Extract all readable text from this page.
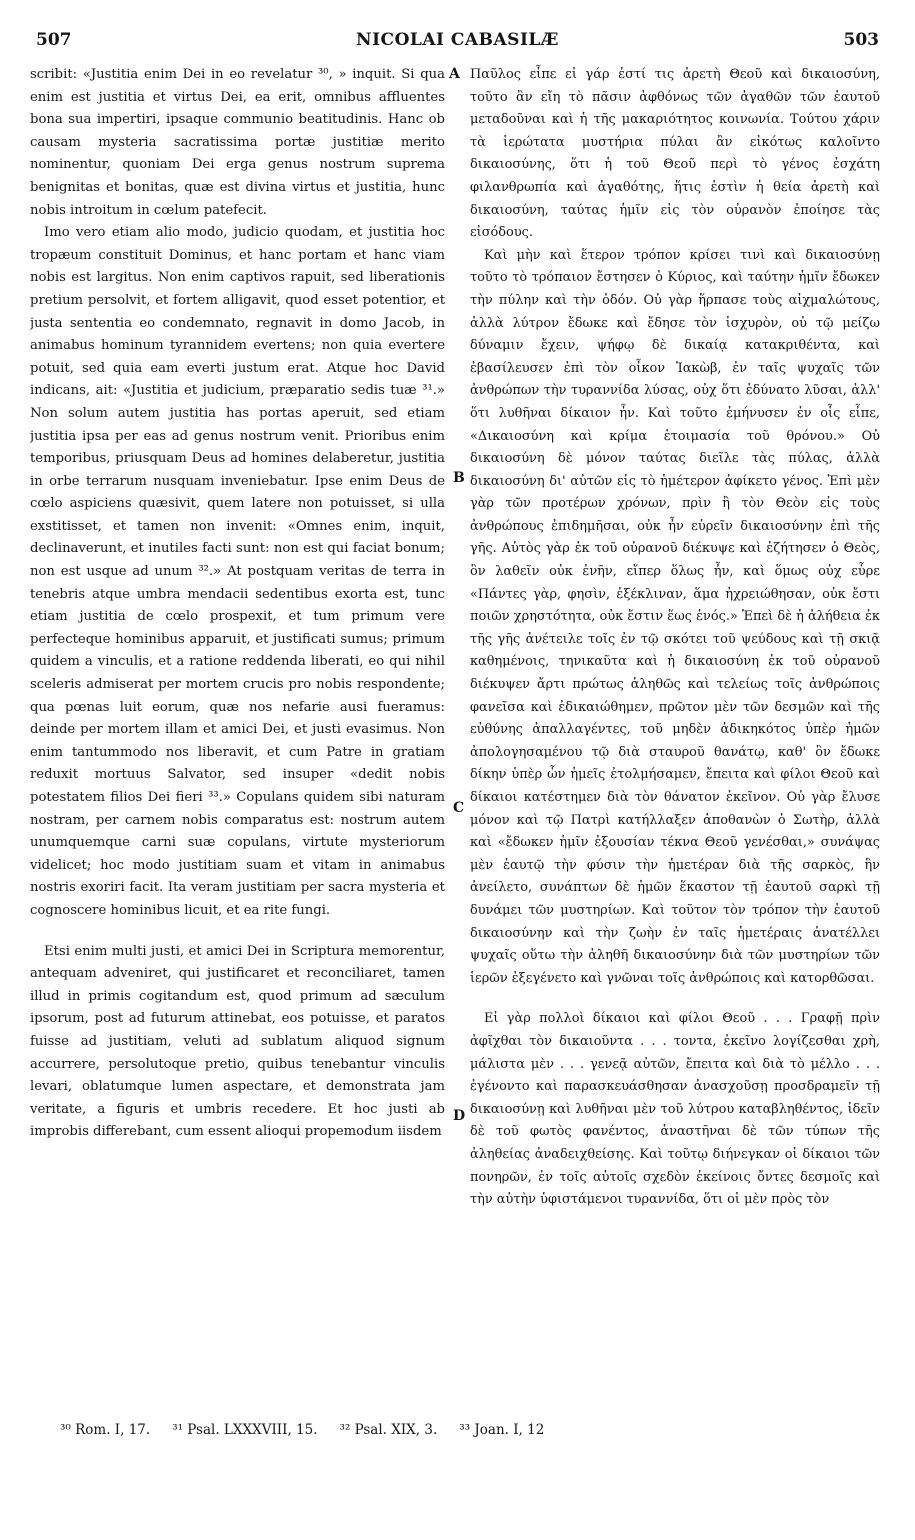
507	NICOLAI CABASILÆ	503

scribit: «Justitia enim Dei in eo revelatur ³⁰, » inquit. Si qua enim est justitia et virtus Dei, ea erit, omnibus affluentes bona sua impertiri, ipsaque communio beatitudinis. Hanc ob causam mysteria sacratissima portæ justitiæ merito nominentur, quoniam Dei erga genus nostrum suprema benignitas et bonitas, quæ est divina virtus et justitia, hunc nobis introitum in cœlum patefecit.

Imo vero etiam alio modo, judicio quodam, et justitia hoc tropæum constituit Dominus, et hanc portam et hanc viam nobis est largitus. Non enim captivos rapuit, sed liberationis pretium persolvit, et fortem alligavit, quod esset potentior, et justa sententia eo condemnato, regnavit in domo Jacob, in animabus hominum tyrannidem evertens; non quia evertere potuit, sed quia eam everti justum erat. Atque hoc David indicans, ait: «Justitia et judicium, præparatio sedis tuæ ³¹.» Non solum autem justitia has portas aperuit, sed etiam justitia ipsa per eas ad genus nostrum venit. Prioribus enim temporibus, priusquam Deus ad homines delaberetur, justitia in orbe terrarum nusquam inveniebatur. Ipse enim Deus de cœlo aspiciens quæsivit, quem latere non potuisset, si ulla exstitisset, et tamen non invenit: «Omnes enim, inquit, declinaverunt, et inutiles facti sunt: non est qui faciat bonum; non est usque ad unum ³².» At postquam veritas de terra in tenebris atque umbra mendacii sedentibus exorta est, tunc etiam justitia de cœlo prospexit, et tum primum vere perfecteque hominibus apparuit, et justificati sumus; primum quidem a vinculis, et a ratione reddenda liberati, eo qui nihil sceleris admiserat per mortem crucis pro nobis respondente; qua pœnas luit eorum, quæ nos nefarie ausi fueramus: deinde per mortem illam et amici Dei, et justi evasimus. Non enim tantummodo nos liberavit, et cum Patre in gratiam reduxit mortuus Salvator, sed insuper «dedit nobis potestatem filios Dei fieri ³³.» Copulans quidem sibi naturam nostram, per carnem nobis comparatus est: nostrum autem unumquemque carni suæ copulans, virtute mysteriorum videlicet; hoc modo justitiam suam et vitam in animabus nostris exoriri facit. Ita veram justitiam per sacra mysteria et cognoscere hominibus licuit, et ea rite fungi.

Etsi enim multi justi, et amici Dei in Scriptura memorentur, antequam adveniret, qui justificaret et reconciliaret, tamen illud in primis cogitandum est, quod primum ad sæculum ipsorum, post ad futurum attinebat, eos potuisse, et paratos fuisse ad justitiam, veluti ad sublatum aliquod signum accurrere, persolutoque pretio, quibus tenebantur vinculis levari, oblatumque lumen aspectare, et demonstrata jam veritate, a figuris et umbris recedere. Et hoc justi ab improbis differebant, cum essent alioqui propemodum iisdem

A
B
C
D

Παῦλος εἶπε εἰ γάρ ἐστί τις ἀρετὴ Θεοῦ καὶ δικαιοσύνη, τοῦτο ἂν εἴη τὸ πᾶσιν ἀφθόνως τῶν ἀγαθῶν τῶν ἑαυτοῦ μεταδοῦναι καὶ ἡ τῆς μακαριότητος κοινωνία. Τούτου χάριν τὰ ἱερώτατα μυστήρια πύλαι ἂν εἰκότως καλοῖντο δικαιοσύνης, ὅτι ἡ τοῦ Θεοῦ περὶ τὸ γένος ἐσχάτη φιλανθρωπία καὶ ἀγαθότης, ἥτις ἐστὶν ἡ θεία ἀρετὴ καὶ δικαιοσύνη, ταύτας ἡμῖν εἰς τὸν οὐρανὸν ἐποίησε τὰς εἰσόδους.

Καὶ μὴν καὶ ἕτερον τρόπον κρίσει τινὶ καὶ δικαιοσύνῃ τοῦτο τὸ τρόπαιον ἔστησεν ὁ Κύριος, καὶ ταύτην ἡμῖν ἔδωκεν τὴν πύλην καὶ τὴν ὁδόν. Οὐ γὰρ ἥρπασε τοὺς αἰχμαλώτους, ἀλλὰ λύτρον ἔδωκε καὶ ἔδησε τὸν ἰσχυρὸν, οὐ τῷ μείζω δύναμιν ἔχειν, ψήφῳ δὲ δικαίᾳ κατακριθέντα, καὶ ἐβασίλευσεν ἐπὶ τὸν οἶκον Ἰακὼβ, ἐν ταῖς ψυχαῖς τῶν ἀνθρώπων τὴν τυραννίδα λύσας, οὐχ ὅτι ἐδύνατο λῦσαι, ἀλλ' ὅτι λυθῆναι δίκαιον ἦν. Καὶ τοῦτο ἐμήνυσεν ἐν οἷς εἶπε, «Δικαιοσύνη καὶ κρίμα ἑτοιμασία τοῦ θρόνου.» Οὐ δικαιοσύνη δὲ μόνον ταύτας διεῖλε τὰς πύλας, ἀλλὰ δικαιοσύνη δι' αὐτῶν εἰς τὸ ἡμέτερον ἀφίκετο γένος. Ἐπὶ μὲν γὰρ τῶν προτέρων χρόνων, πρὶν ἢ τὸν Θεὸν εἰς τοὺς ἀνθρώπους ἐπιδημῆσαι, οὐκ ἦν εὑρεῖν δικαιοσύνην ἐπὶ τῆς γῆς. Αὐτὸς γὰρ ἐκ τοῦ οὐρανοῦ διέκυψε καὶ ἐζήτησεν ὁ Θεὸς, ὃν λαθεῖν οὐκ ἐνῆν, εἴπερ ὅλως ἦν, καὶ ὅμως οὐχ εὗρε «Πάντες γὰρ, φησὶν, ἐξέκλιναν, ἅμα ἠχρειώθησαν, οὐκ ἔστι ποιῶν χρηστότητα, οὐκ ἔστιν ἕως ἑνός.» Ἐπεὶ δὲ ἡ ἀλήθεια ἐκ τῆς γῆς ἀνέτειλε τοῖς ἐν τῷ σκότει τοῦ ψεύδους καὶ τῇ σκιᾷ καθημένοις, τηνικαῦτα καὶ ἡ δικαιοσύνη ἐκ τοῦ οὐρανοῦ διέκυψεν ἄρτι πρώτως ἀληθῶς καὶ τελείως τοῖς ἀνθρώποις φανεῖσα καὶ ἐδικαιώθημεν, πρῶτον μὲν τῶν δεσμῶν καὶ τῆς εὐθύνης ἀπαλλαγέντες, τοῦ μηδὲν ἀδικηκότος ὑπὲρ ἡμῶν ἀπολογησαμένου τῷ διὰ σταυροῦ θανάτῳ, καθ' ὃν ἔδωκε δίκην ὑπὲρ ὧν ἡμεῖς ἐτολμήσαμεν, ἔπειτα καὶ φίλοι Θεοῦ καὶ δίκαιοι κατέστημεν διὰ τὸν θάνατον ἐκεῖνον. Οὐ γὰρ ἔλυσε μόνον καὶ τῷ Πατρὶ κατήλλαξεν ἀποθανὼν ὁ Σωτὴρ, ἀλλὰ καὶ «ἔδωκεν ἡμῖν ἐξουσίαν τέκνα Θεοῦ γενέσθαι,» συνάψας μὲν ἑαυτῷ τὴν φύσιν τὴν ἡμετέραν διὰ τῆς σαρκὸς, ἣν ἀνείλετο, συνάπτων δὲ ἡμῶν ἕκαστον τῇ ἑαυτοῦ σαρκὶ τῇ δυνάμει τῶν μυστηρίων. Καὶ τοῦτον τὸν τρόπον τὴν ἑαυτοῦ δικαιοσύνην καὶ τὴν ζωὴν ἐν ταῖς ἡμετέραις ἀνατέλλει ψυχαῖς οὕτω τὴν ἀληθῆ δικαιοσύνην διὰ τῶν μυστηρίων τῶν ἱερῶν ἐξεγένετο καὶ γνῶναι τοῖς ἀνθρώποις καὶ κατορθῶσαι.

Εἰ γὰρ πολλοὶ δίκαιοι καὶ φίλοι Θεοῦ . . . Γραφῇ πρὶν ἀφῖχθαι τὸν δικαιοῦντα . . . τοντα, ἐκεῖνο λογίζεσθαι χρὴ, μάλιστα μὲν . . . γενεᾷ αὐτῶν, ἔπειτα καὶ διὰ τὸ μέλλο . . . ἐγένοντο καὶ παρασκευάσθησαν ἀνασχοῦσῃ προσδραμεῖν τῇ δικαιοσύνῃ καὶ λυθῆναι μὲν τοῦ λύτρου καταβληθέντος, ἰδεῖν δὲ τοῦ φωτὸς φανέντος, ἀναστῆναι δὲ τῶν τύπων τῆς ἀληθείας ἀναδειχθείσης. Καὶ τοῦτῳ διήνεγκαν οἱ δίκαιοι τῶν πονηρῶν, ἐν τοῖς αὐτοῖς σχεδὸν ἐκείνοις ὄντες δεσμοῖς καὶ τὴν αὐτὴν ὑφιστάμενοι τυραννίδα, ὅτι οἱ μὲν πρὸς τὸν

³⁰ Rom. I, 17. ³¹ Psal. LXXXVIII, 15. ³² Psal. XIX, 3. ³³ Joan. I, 12
